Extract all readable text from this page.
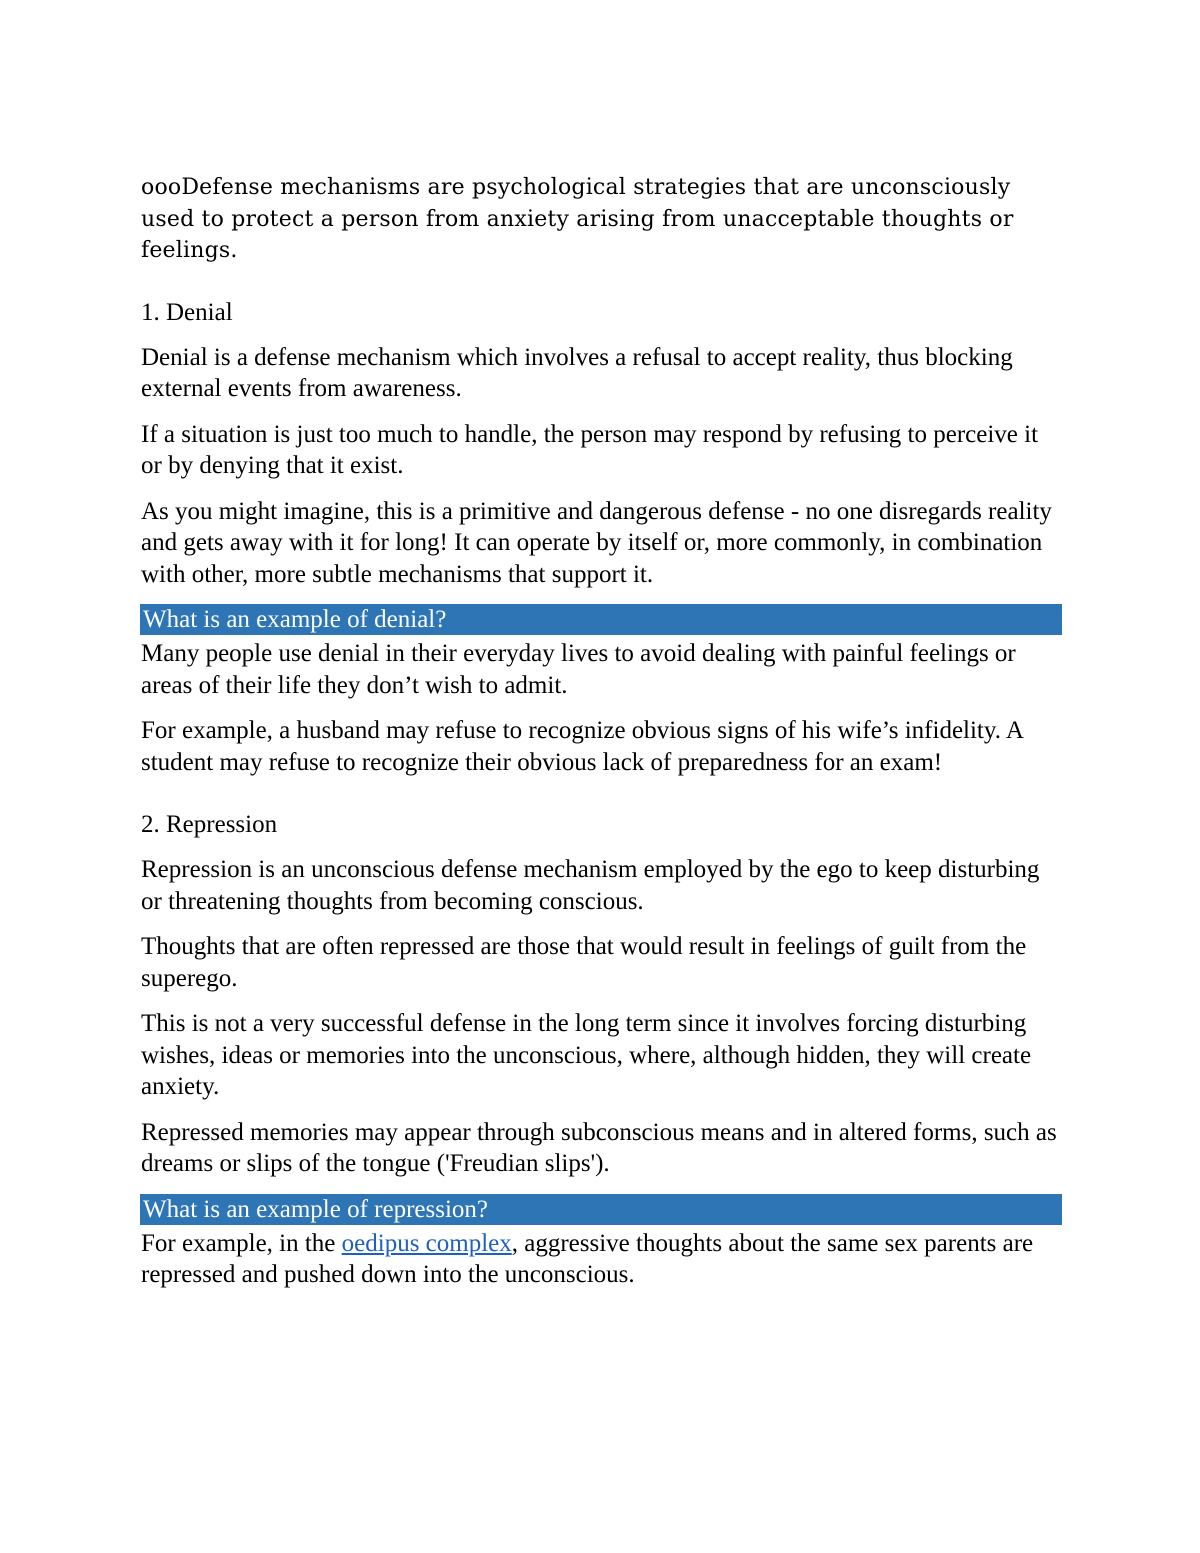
oooDefense mechanisms are psychological strategies that are unconsciously used to protect a person from anxiety arising from unacceptable thoughts or feelings.

1. Denial

Denial is a defense mechanism which involves a refusal to accept reality, thus blocking external events from awareness.

If a situation is just too much to handle, the person may respond by refusing to perceive it or by denying that it exist.

As you might imagine, this is a primitive and dangerous defense - no one disregards reality and gets away with it for long! It can operate by itself or, more commonly, in combination with other, more subtle mechanisms that support it.

What is an example of denial?

Many people use denial in their everyday lives to avoid dealing with painful feelings or areas of their life they don’t wish to admit.

For example, a husband may refuse to recognize obvious signs of his wife’s infidelity. A student may refuse to recognize their obvious lack of preparedness for an exam!

2. Repression

Repression is an unconscious defense mechanism employed by the ego to keep disturbing or threatening thoughts from becoming conscious.

Thoughts that are often repressed are those that would result in feelings of guilt from the superego.

This is not a very successful defense in the long term since it involves forcing disturbing wishes, ideas or memories into the unconscious, where, although hidden, they will create anxiety.

Repressed memories may appear through subconscious means and in altered forms, such as dreams or slips of the tongue ('Freudian slips').

What is an example of repression?

For example, in the oedipus complex, aggressive thoughts about the same sex parents are repressed and pushed down into the unconscious.
